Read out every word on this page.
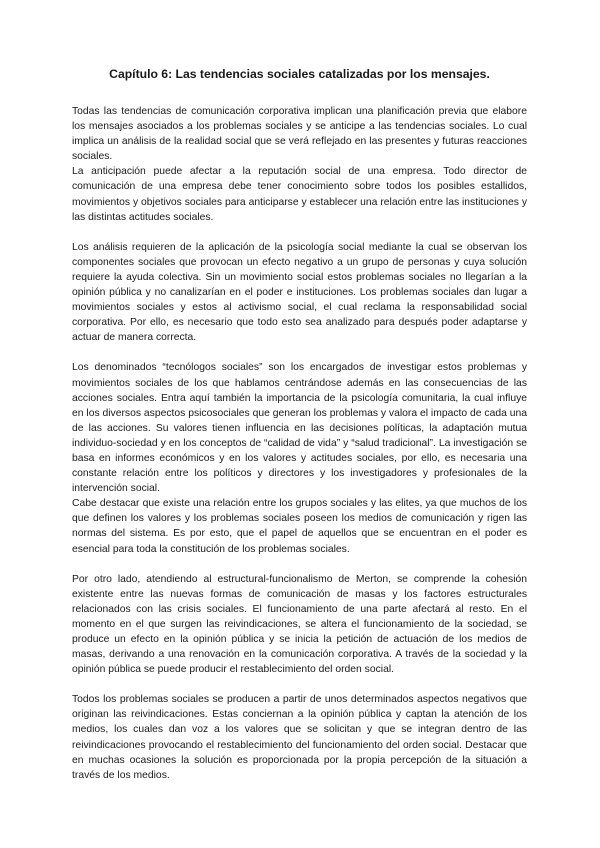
Capítulo 6: Las tendencias sociales catalizadas por los mensajes.

Todas las tendencias de comunicación corporativa implican una planificación previa que elabore los mensajes asociados a los problemas sociales y se anticipe a las tendencias sociales. Lo cual implica un análisis de la realidad social que se verá reflejado en las presentes y futuras reacciones sociales.

La anticipación puede afectar a la reputación social de una empresa. Todo director de comunicación de una empresa debe tener conocimiento sobre todos los posibles estallidos, movimientos y objetivos sociales para anticiparse y establecer una relación entre las instituciones y las distintas actitudes sociales.

Los análisis requieren de la aplicación de la psicología social mediante la cual se observan los componentes sociales que provocan un efecto negativo a un grupo de personas y cuya solución requiere la ayuda colectiva. Sin un movimiento social estos problemas sociales no llegarían a la opinión pública y no canalizarían en el poder e instituciones. Los problemas sociales dan lugar a movimientos sociales y estos al activismo social, el cual reclama la responsabilidad social corporativa. Por ello, es necesario que todo esto sea analizado para después poder adaptarse y actuar de manera correcta.

Los denominados “tecnólogos sociales” son los encargados de investigar estos problemas y movimientos sociales de los que hablamos centrándose además en las consecuencias de las acciones sociales. Entra aquí también la importancia de la psicología comunitaria, la cual influye en los diversos aspectos psicosociales que generan los problemas y valora el impacto de cada una de las acciones. Su valores tienen influencia en las decisiones políticas, la adaptación mutua individuo-sociedad y en los conceptos de “calidad de vida” y “salud tradicional”. La investigación se basa en informes económicos y en los valores y actitudes sociales, por ello, es necesaria una constante relación entre los políticos y directores y los investigadores y profesionales de la intervención social.

Cabe destacar que existe una relación entre los grupos sociales y las elites, ya que muchos de los que definen los valores y los problemas sociales poseen los medios de comunicación y rigen las normas del sistema. Es por esto, que el papel de aquellos que se encuentran en el poder es esencial para toda la constitución de los problemas sociales.

Por otro lado, atendiendo al estructural-funcionalismo de Merton, se comprende la cohesión existente entre las nuevas formas de comunicación de masas y los factores estructurales relacionados con las crisis sociales. El funcionamiento de una parte afectará al resto. En el momento en el que surgen las reivindicaciones, se altera el funcionamiento de la sociedad, se produce un efecto en la opinión pública y se inicia la petición de actuación de los medios de masas, derivando a una renovación en la comunicación corporativa. A través de la sociedad y la opinión pública se puede producir el restablecimiento del orden social.

Todos los problemas sociales se producen a partir de unos determinados aspectos negativos que originan las reivindicaciones. Estas conciernan a la opinión pública y captan la atención de los medios, los cuales dan voz a los valores que se solicitan y que se integran dentro de las reivindicaciones provocando el restablecimiento del funcionamiento del orden social. Destacar que en muchas ocasiones la solución es proporcionada por la propia percepción de la situación a través de los medios.
